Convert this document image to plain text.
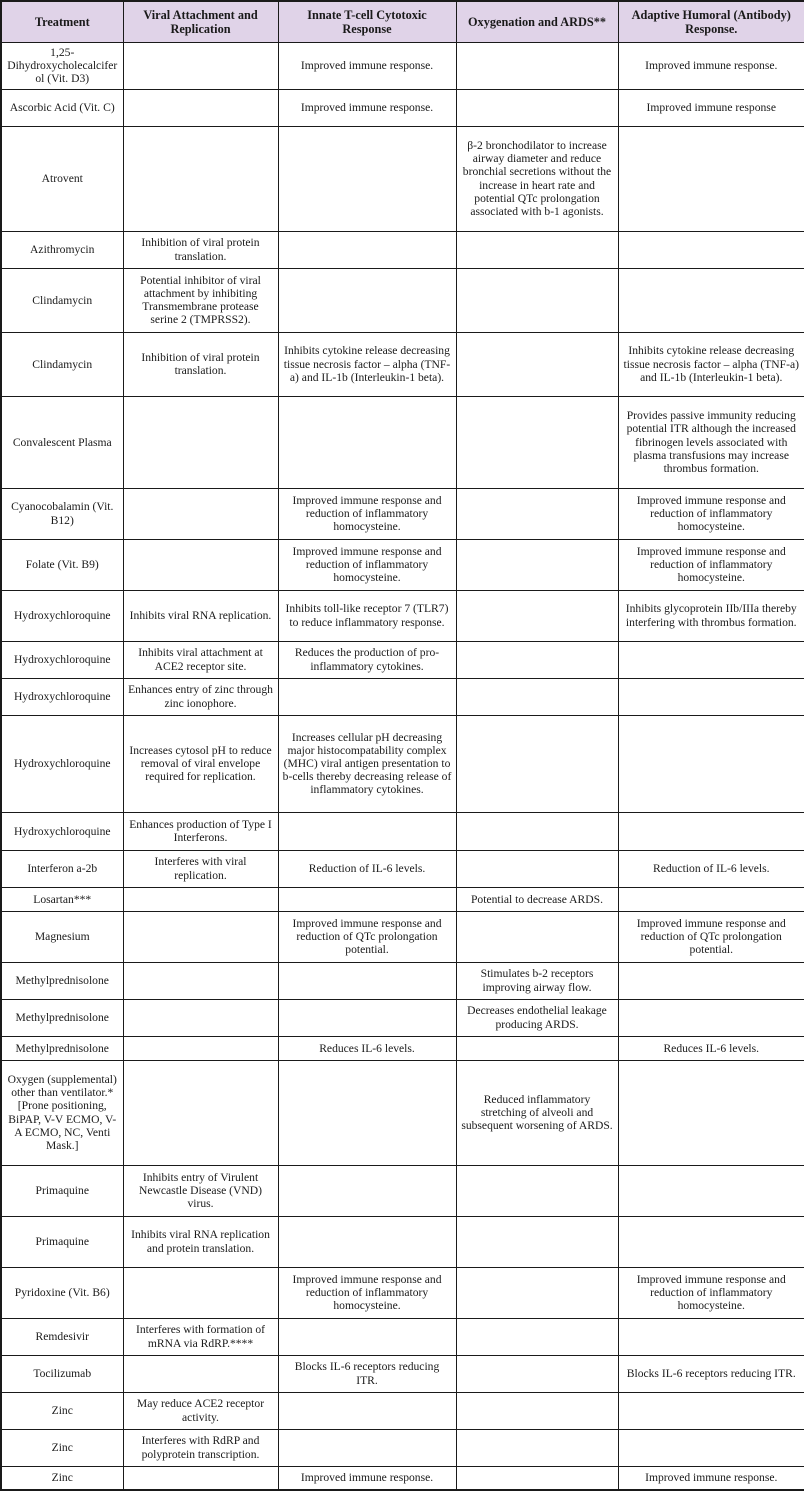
Treatment	Viral Attachment and Replication	Innate T-cell Cytotoxic Response	Oxygenation and ARDS**	Adaptive Humoral (Antibody) Response.
1,25-Dihydroxycholecalciferol (Vit. D3)		Improved immune response.		Improved immune response.
Ascorbic Acid (Vit. C)		Improved immune response.		Improved immune response
Atrovent			β-2 bronchodilator to increase airway diameter and reduce bronchial secretions without the increase in heart rate and potential QTc prolongation associated with b-1 agonists.	
Azithromycin	Inhibition of viral protein translation.			
Clindamycin	Potential inhibitor of viral attachment by inhibiting Transmembrane protease serine 2 (TMPRSS2).			
Clindamycin	Inhibition of viral protein translation.	Inhibits cytokine release decreasing tissue necrosis factor – alpha (TNF-a) and IL-1b (Interleukin-1 beta).		Inhibits cytokine release decreasing tissue necrosis factor – alpha (TNF-a) and IL-1b (Interleukin-1 beta).
Convalescent Plasma				Provides passive immunity reducing potential ITR although the increased fibrinogen levels associated with plasma transfusions may increase thrombus formation.
Cyanocobalamin (Vit. B12)		Improved immune response and reduction of inflammatory homocysteine.		Improved immune response and reduction of inflammatory homocysteine.
Folate (Vit. B9)		Improved immune response and reduction of inflammatory homocysteine.		Improved immune response and reduction of inflammatory homocysteine.
Hydroxychloroquine	Inhibits viral RNA replication.	Inhibits toll-like receptor 7 (TLR7) to reduce inflammatory response.		Inhibits glycoprotein IIb/IIIa thereby interfering with thrombus formation.
Hydroxychloroquine	Inhibits viral attachment at ACE2 receptor site.	Reduces the production of pro-inflammatory cytokines.		
Hydroxychloroquine	Enhances entry of zinc through zinc ionophore.			
Hydroxychloroquine	Increases cytosol pH to reduce removal of viral envelope required for replication.	Increases cellular pH decreasing major histocompatability complex (MHC) viral antigen presentation to b-cells thereby decreasing release of inflammatory cytokines.		
Hydroxychloroquine	Enhances production of Type I Interferons.			
Interferon a-2b	Interferes with viral replication.	Reduction of IL-6 levels.		Reduction of IL-6 levels.
Losartan***			Potential to decrease ARDS.	
Magnesium		Improved immune response and reduction of QTc prolongation potential.		Improved immune response and reduction of QTc prolongation potential.
Methylprednisolone			Stimulates b-2 receptors improving airway flow.	
Methylprednisolone			Decreases endothelial leakage producing ARDS.	
Methylprednisolone		Reduces IL-6 levels.		Reduces IL-6 levels.
Oxygen (supplemental) other than ventilator.* [Prone positioning, BiPAP, V-V ECMO, V-A ECMO, NC, Venti Mask.]			Reduced inflammatory stretching of alveoli and subsequent worsening of ARDS.	
Primaquine	Inhibits entry of Virulent Newcastle Disease (VND) virus.			
Primaquine	Inhibits viral RNA replication and protein translation.			
Pyridoxine (Vit. B6)		Improved immune response and reduction of inflammatory homocysteine.		Improved immune response and reduction of inflammatory homocysteine.
Remdesivir	Interferes with formation of mRNA via RdRP.****			
Tocilizumab		Blocks IL-6 receptors reducing ITR.		Blocks IL-6 receptors reducing ITR.
Zinc	May reduce ACE2 receptor activity.			
Zinc	Interferes with RdRP and polyprotein transcription.			
Zinc		Improved immune response.		Improved immune response.
